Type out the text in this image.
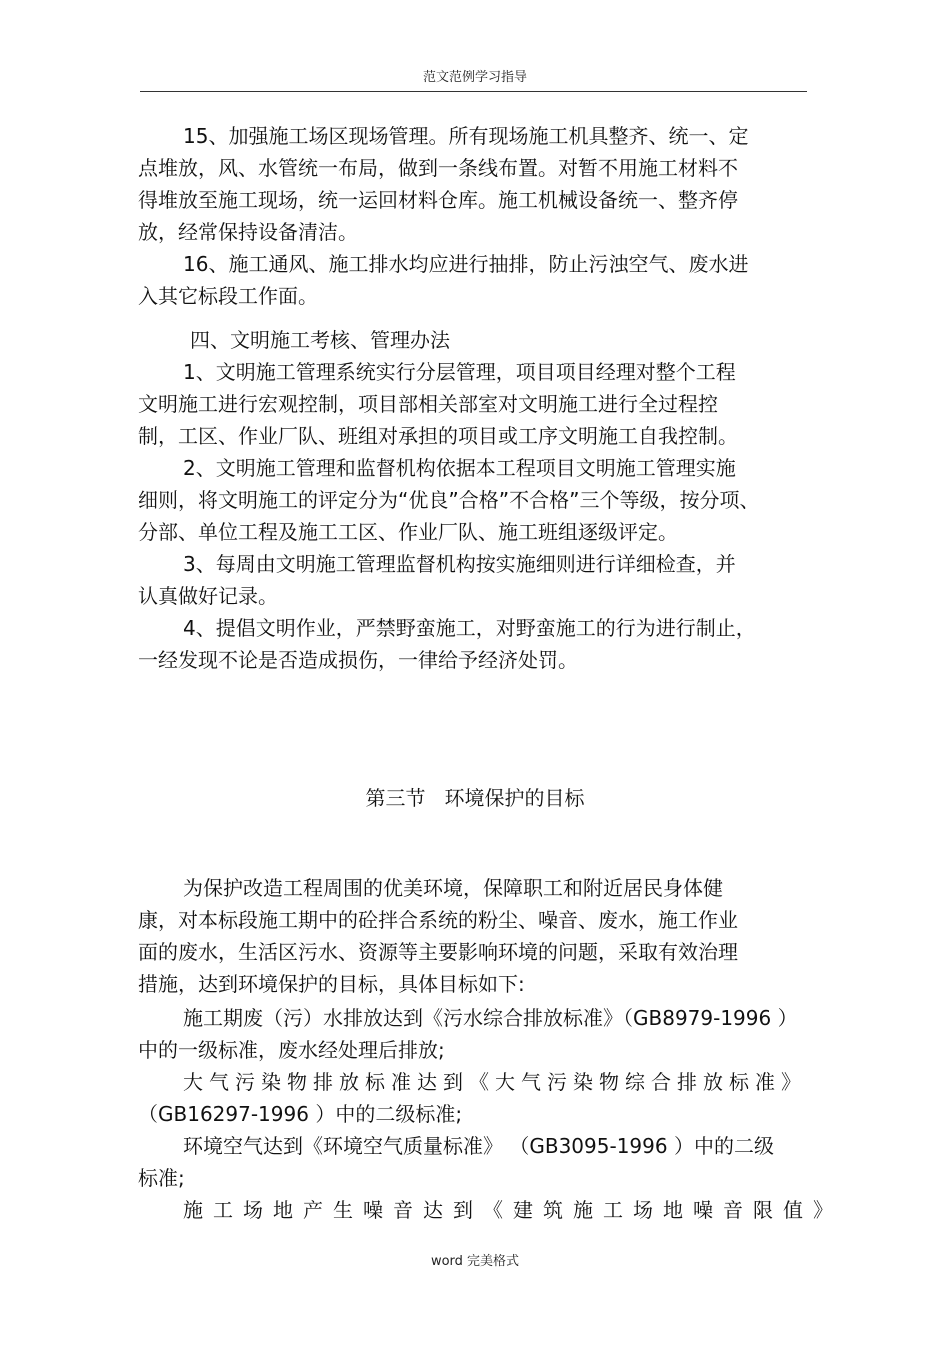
范文范例学习指导
15、加强施工场区现场管理。所有现场施工机具整齐、统一、定
点堆放，风、水管统一布局，做到一条线布置。对暂不用施工材料不
得堆放至施工现场，统一运回材料仓库。施工机械设备统一、整齐停
放，经常保持设备清洁。
16、施工通风、施工排水均应进行抽排，防止污浊空气、废水进
入其它标段工作面。
四、文明施工考核、管理办法
1、文明施工管理系统实行分层管理，项目项目经理对整个工程
文明施工进行宏观控制，项目部相关部室对文明施工进行全过程控
制，工区、作业厂队、班组对承担的项目或工序文明施工自我控制。
2、文明施工管理和监督机构依据本工程项目文明施工管理实施
细则，将文明施工的评定分为“优良”合格”不合格”三个等级，按分项、
分部、单位工程及施工工区、作业厂队、施工班组逐级评定。
3、每周由文明施工管理监督机构按实施细则进行详细检查，并
认真做好记录。
4、提倡文明作业，严禁野蛮施工，对野蛮施工的行为进行制止，
一经发现不论是否造成损伤，一律给予经济处罚。
第三节   环境保护的目标
为保护改造工程周围的优美环境，保障职工和附近居民身体健
康，对本标段施工期中的砼拌合系统的粉尘、噪音、废水，施工作业
面的废水，生活区污水、资源等主要影响环境的问题，采取有效治理
措施，达到环境保护的目标，具体目标如下:
施工期废（污）水排放达到《污水综合排放标准》（GB8979-1996 ）
中的一级标准，废水经处理后排放;
大气污染物排放标准达到《大气污染物综合排放标准》
（GB16297-1996 ）中的二级标准;
环境空气达到《环境空气质量标准》 （GB3095-1996 ）中的二级
标准;
施工场地产生噪音达到《建筑施工场地噪音限值》
word 完美格式
